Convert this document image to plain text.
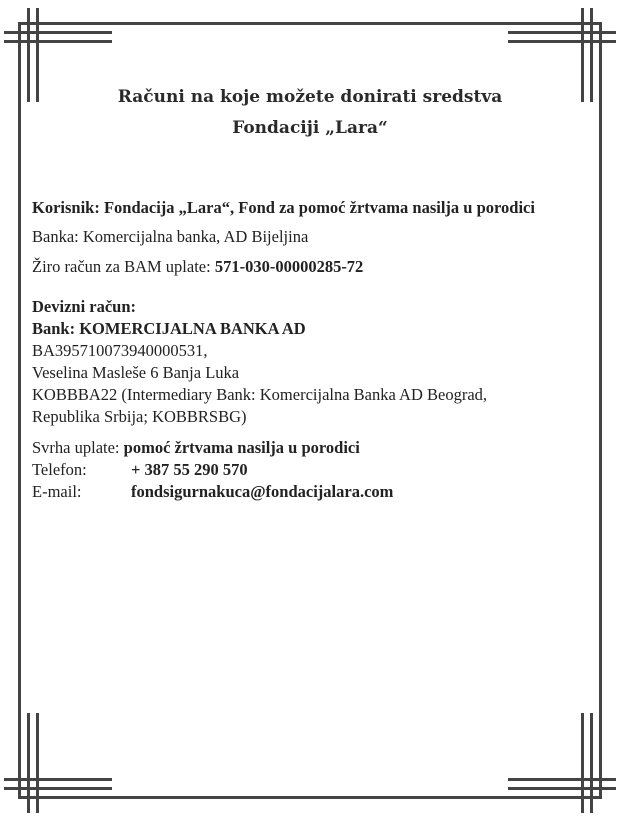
Računi na koje možete donirati sredstva
Fondaciji „Lara“
Korisnik: Fondacija „Lara“, Fond za pomoć žrtvama nasilja u porodici
Banka: Komercijalna banka, AD Bijeljina
Žiro račun za BAM uplate: 571-030-00000285-72
Devizni račun:
Bank: KOMERCIJALNA BANKA AD
BA395710073940000531,
Veselina Masleše 6 Banja Luka
KOBBBA22 (Intermediary Bank: Komercijalna Banka AD Beograd,
Republika Srbija; KOBBRSBG)
Svrha uplate: pomoć žrtvama nasilja u porodici
Telefon:	+ 387 55 290 570
E-mail:	fondsigurnakuca@fondacijalara.com
